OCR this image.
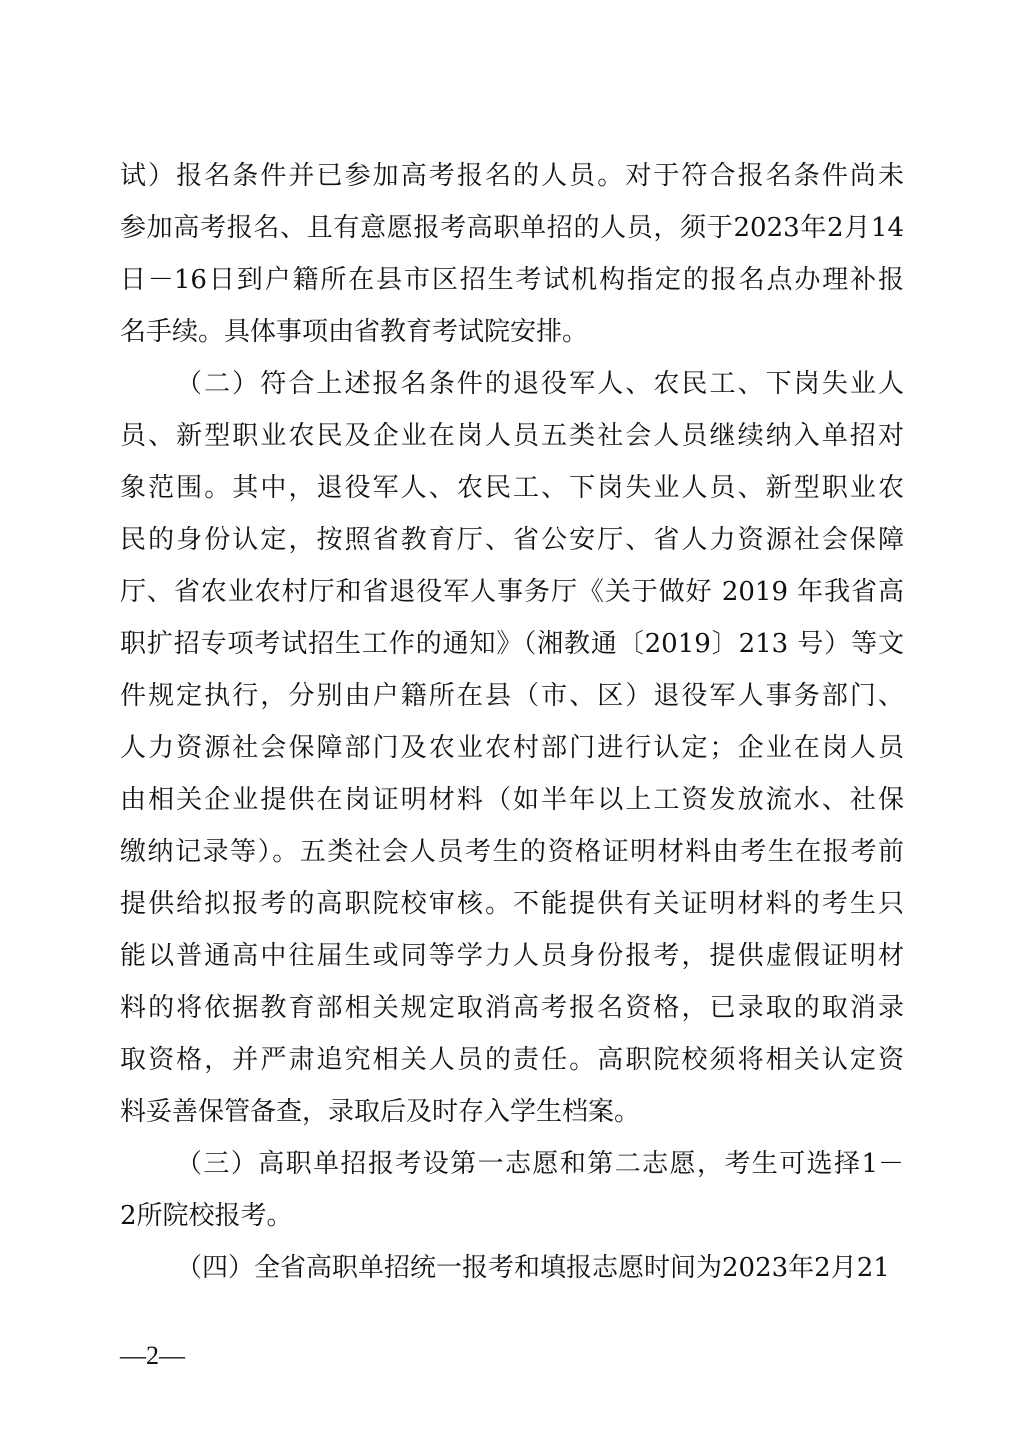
试）报名条件并已参加高考报名的人员。对于符合报名条件尚未
参加高考报名、且有意愿报考高职单招的人员，须于2023年2月14
日－16日到户籍所在县市区招生考试机构指定的报名点办理补报
名手续。具体事项由省教育考试院安排。
（二）符合上述报名条件的退役军人、农民工、下岗失业人
员、新型职业农民及企业在岗人员五类社会人员继续纳入单招对
象范围。其中，退役军人、农民工、下岗失业人员、新型职业农
民的身份认定，按照省教育厅、省公安厅、省人力资源社会保障
厅、省农业农村厅和省退役军人事务厅《关于做好 2019 年我省高
职扩招专项考试招生工作的通知》（湘教通〔2019〕213 号）等文
件规定执行，分别由户籍所在县（市、区）退役军人事务部门、
人力资源社会保障部门及农业农村部门进行认定；企业在岗人员
由相关企业提供在岗证明材料（如半年以上工资发放流水、社保
缴纳记录等）。五类社会人员考生的资格证明材料由考生在报考前
提供给拟报考的高职院校审核。不能提供有关证明材料的考生只
能以普通高中往届生或同等学力人员身份报考，提供虚假证明材
料的将依据教育部相关规定取消高考报名资格，已录取的取消录
取资格，并严肃追究相关人员的责任。高职院校须将相关认定资
料妥善保管备查，录取后及时存入学生档案。
（三）高职单招报考设第一志愿和第二志愿，考生可选择1－
2所院校报考。
（四）全省高职单招统一报考和填报志愿时间为2023年2月21
—2—
